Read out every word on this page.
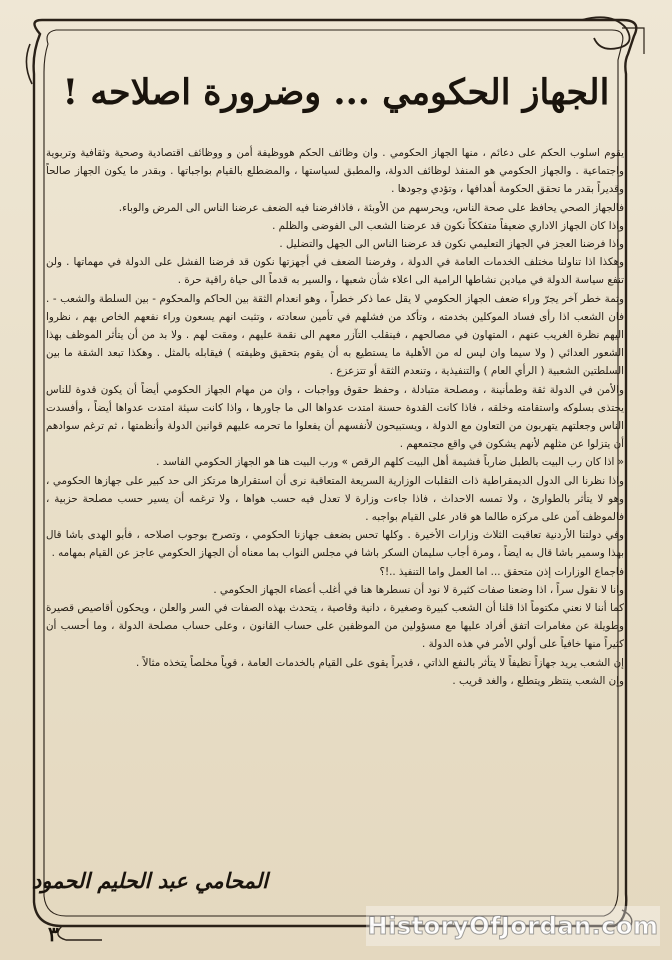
الجهاز الحكومي ... وضرورة اصلاحه !

يقوم اسلوب الحكم على دعائم ، منها الجهاز الحكومي . وان وظائف الحكم هووظيفة أمن و ووظائف اقتصادية وصحية وثقافية وتربوية واجتماعية . والجهاز الحكومي هو المنفذ لوظائف الدولة، والمطبق لسياستها ، والمضطلع بالقيام بواجباتها . وبقدر ما يكون الجهاز صالحاً وقديراً بقدر ما تحقق الحكومة أهدافها ، وتؤدي وجودها .

فالجهاز الصحي يحافظ على صحة الناس، ويحرسهم من الأوبئة ، فاذافرضنا فيه الضعف عرضنا الناس الى المرض والوباء.

واذا كان الجهاز الاداري ضعيفاً متفككاً نكون قد عرضنا الشعب الى الفوضى والظلم .

واذا فرضنا العجز في الجهاز التعليمي نكون قد عرضنا الناس الى الجهل والتضليل .

وهكذا اذا تناولنا مختلف الخدمات العامة في الدولة ، وفرضنا الضعف في أجهزتها نكون قد فرضنا الفشل على الدولة في مهماتها . ولن تنفع سياسة الدولة في ميادين نشاطها الرامية الى اعلاء شأن شعبها ، والسير به قدماً الى حياة راقية حرة .

وثمة خطر آخر يجرّ وراء ضعف الجهاز الحكومي لا يقل عما ذكر خطراً ، وهو انعدام الثقة بين الحاكم والمحكوم - بين السلطة والشعب - . فان الشعب اذا رأى فساد الموكلين بخدمته ، وتأكد من فشلهم في تأمين سعادته ، وتثبت انهم يسعون وراء نفعهم الخاص بهم ، نظروا اليهم نظرة الغريب عنهم ، المتهاون في مصالحهم ، فينقلب التآزر معهم الى نقمة عليهم ، ومقت لهم . ولا بد من أن يتأثر الموظف بهذا الشعور العدائي ( ولا سيما وان ليس له من الأهلية ما يستطيع به أن يقوم بتحقيق وظيفته ) فيقابله بالمثل . وهكذا تبعد الشقة ما بين السلطتين الشعبية ( الرأي العام ) والتنفيذية ، وتنعدم الثقة أو تتزعزع .

والأمن في الدولة ثقة وطمأنينة ، ومصلحة متبادلة ، وحفظ حقوق وواجبات ، وان من مهام الجهاز الحكومي أيضاً أن يكون قدوة للناس يحتذى بسلوكه واستقامته وخلقه ، فاذا كانت القدوة حسنة امتدت عدواها الى ما جاورها ، واذا كانت سيئة امتدت عدواها أيضاً ، وأفسدت الناس وجعلتهم يتهربون من التعاون مع الدولة ، ويستبيحون لأنفسهم أن يفعلوا ما تحرمه عليهم قوانين الدولة وأنظمتها ، ثم ترغم سوادهم أن يتزلوا عن مثلهم لأنهم يشكون في واقع مجتمعهم .

« اذا كان رب البيت بالطبل ضارباً فشيمة أهل البيت كلهم الرقص » ورب البيت هنا هو الجهاز الحكومي الفاسد .

واذا نظرنا الى الدول الديمقراطية ذات التقلبات الوزارية السريعة المتعاقبة نرى أن استقرارها مرتكز الى حد كبير على جهازها الحكومي ، وهو لا يتأثر بالطوارئ ، ولا تمسه الاحداث ، فاذا جاءت وزارة لا تعدل فيه حسب هواها ، ولا ترغمه أن يسير حسب مصلحة حزبية ، فالموظف آمن على مركزه طالما هو قادر على القيام بواجبه .

وفي دولتنا الأردنية تعاقبت الثلاث وزارات الأخيرة . وكلها تحس بضعف جهازنا الحكومي ، وتصرح بوجوب اصلاحه ، فأبو الهدى باشا قال بهذا وسمير باشا قال به ايضاً ، ومرة أجاب سليمان السكر باشا في مجلس النواب بما معناه أن الجهاز الحكومي عاجز عن القيام بمهامه .

فاجماع الوزارات إذن متحقق ... اما العمل واما التنفيذ ..!؟

وانا لا نقول سراً ، اذا وضعنا صفات كثيرة لا نود أن نسطرها هنا في أغلب أعضاء الجهاز الحكومي .

كما أننا لا نعني مكتوماً اذا قلنا أن الشعب كبيرة وصغيرة ، دانية وقاصية ، يتحدث بهذه الصفات في السر والعلن ، ويحكون أقاصيص قصيرة وطويلة عن مغامرات اتفق أفراد عليها مع مسؤولين من الموظفين على حساب القانون ، وعلى حساب مصلحة الدولة ، وما أحسب أن كثيراً منها خافياً على أولي الأمر في هذه الدولة .

إن الشعب يريد جهازاً نظيفاً لا يتأثر بالنفع الذاتي ، قديراً يقوى على القيام بالخدمات العامة ، قوياً مخلصاً يتخذه مثالاً .

وإن الشعب ينتظر ويتطلع ، والغد قريب .

المحامي عبد الحليم الحمود
٣	HistoryOfJordan.com
